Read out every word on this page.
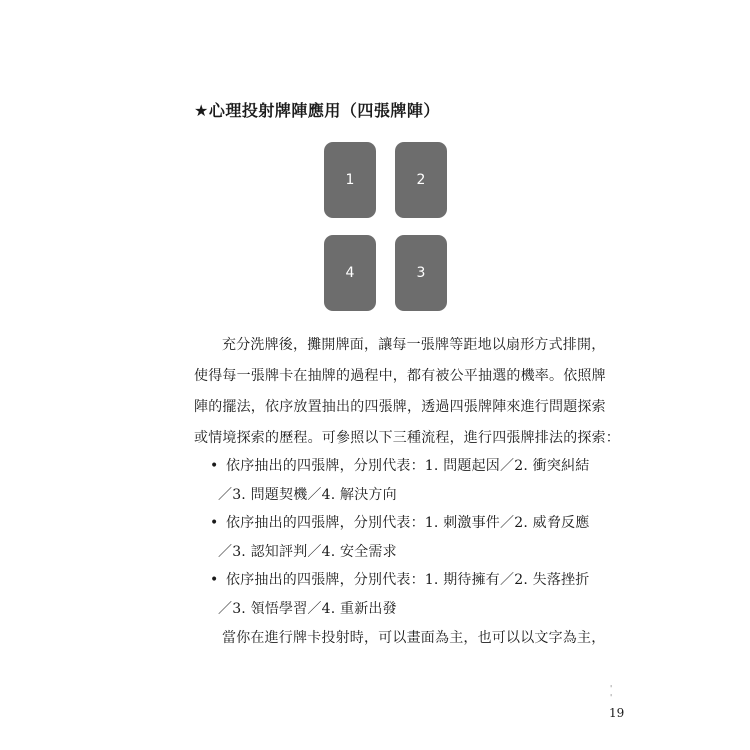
★心理投射牌陣應用（四張牌陣）
1	2
4	3
充分洗牌後，攤開牌面，讓每一張牌等距地以扇形方式排開，
使得每一張牌卡在抽牌的過程中，都有被公平抽選的機率。依照牌
陣的擺法，依序放置抽出的四張牌，透過四張牌陣來進行問題探索
或情境探索的歷程。可參照以下三種流程，進行四張牌排法的探索：
• 依序抽出的四張牌，分別代表：1. 問題起因／2. 衝突糾結
／3. 問題契機／4. 解決方向
• 依序抽出的四張牌，分別代表：1. 刺激事件／2. 威脅反應
／3. 認知評判／4. 安全需求
• 依序抽出的四張牌，分別代表：1. 期待擁有／2. 失落挫折
／3. 領悟學習／4. 重新出發
當你在進行牌卡投射時，可以畫面為主，也可以以文字為主，
'
'
19
